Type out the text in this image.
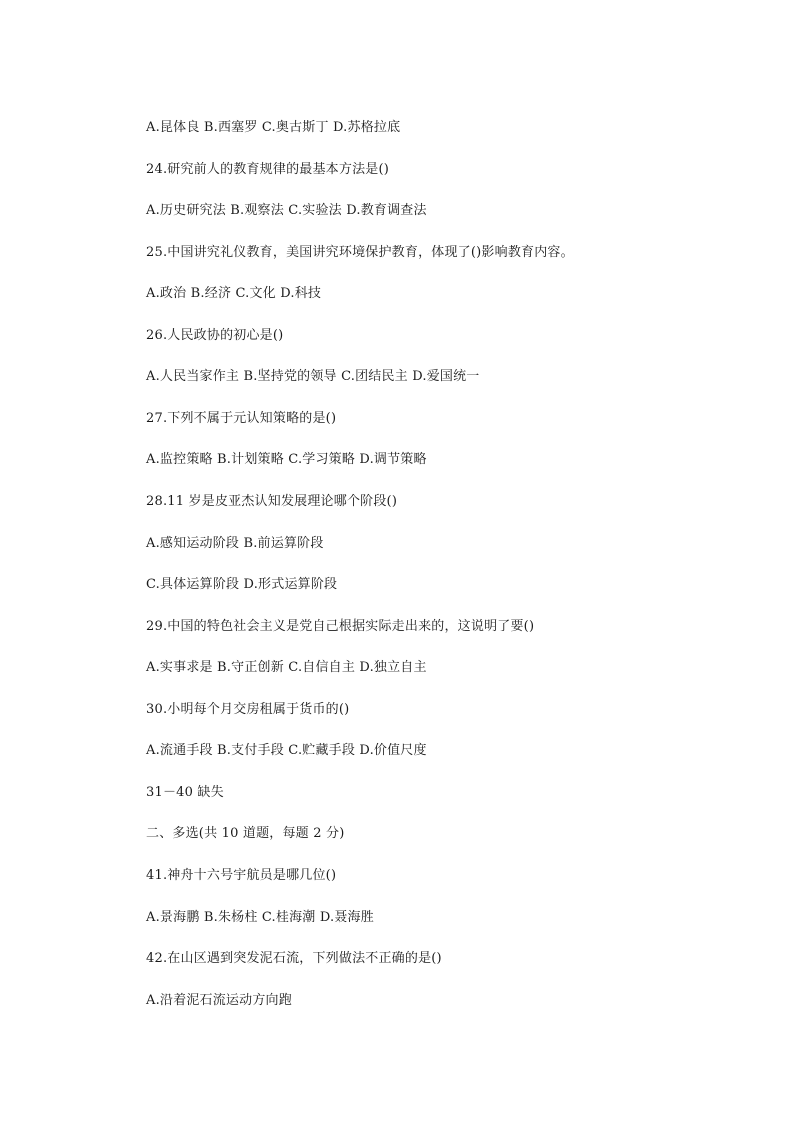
A.昆体良 B.西塞罗 C.奥古斯丁 D.苏格拉底
24.研究前人的教育规律的最基本方法是()
A.历史研究法 B.观察法 C.实验法 D.教育调查法
25.中国讲究礼仪教育，美国讲究环境保护教育，体现了()影响教育内容。
A.政治 B.经济 C.文化 D.科技
26.人民政协的初心是()
A.人民当家作主 B.坚持党的领导 C.团结民主 D.爱国统一
27.下列不属于元认知策略的是()
A.监控策略 B.计划策略 C.学习策略 D.调节策略
28.11 岁是皮亚杰认知发展理论哪个阶段()
A.感知运动阶段 B.前运算阶段
C.具体运算阶段 D.形式运算阶段
29.中国的特色社会主义是党自己根据实际走出来的，这说明了要()
A.实事求是 B.守正创新 C.自信自主 D.独立自主
30.小明每个月交房租属于货币的()
A.流通手段 B.支付手段 C.贮藏手段 D.价值尺度
31－40 缺失
二、多选(共 10 道题，每题 2 分)
41.神舟十六号宇航员是哪几位()
A.景海鹏 B.朱杨柱 C.桂海潮 D.聂海胜
42.在山区遇到突发泥石流，下列做法不正确的是()
A.沿着泥石流运动方向跑
